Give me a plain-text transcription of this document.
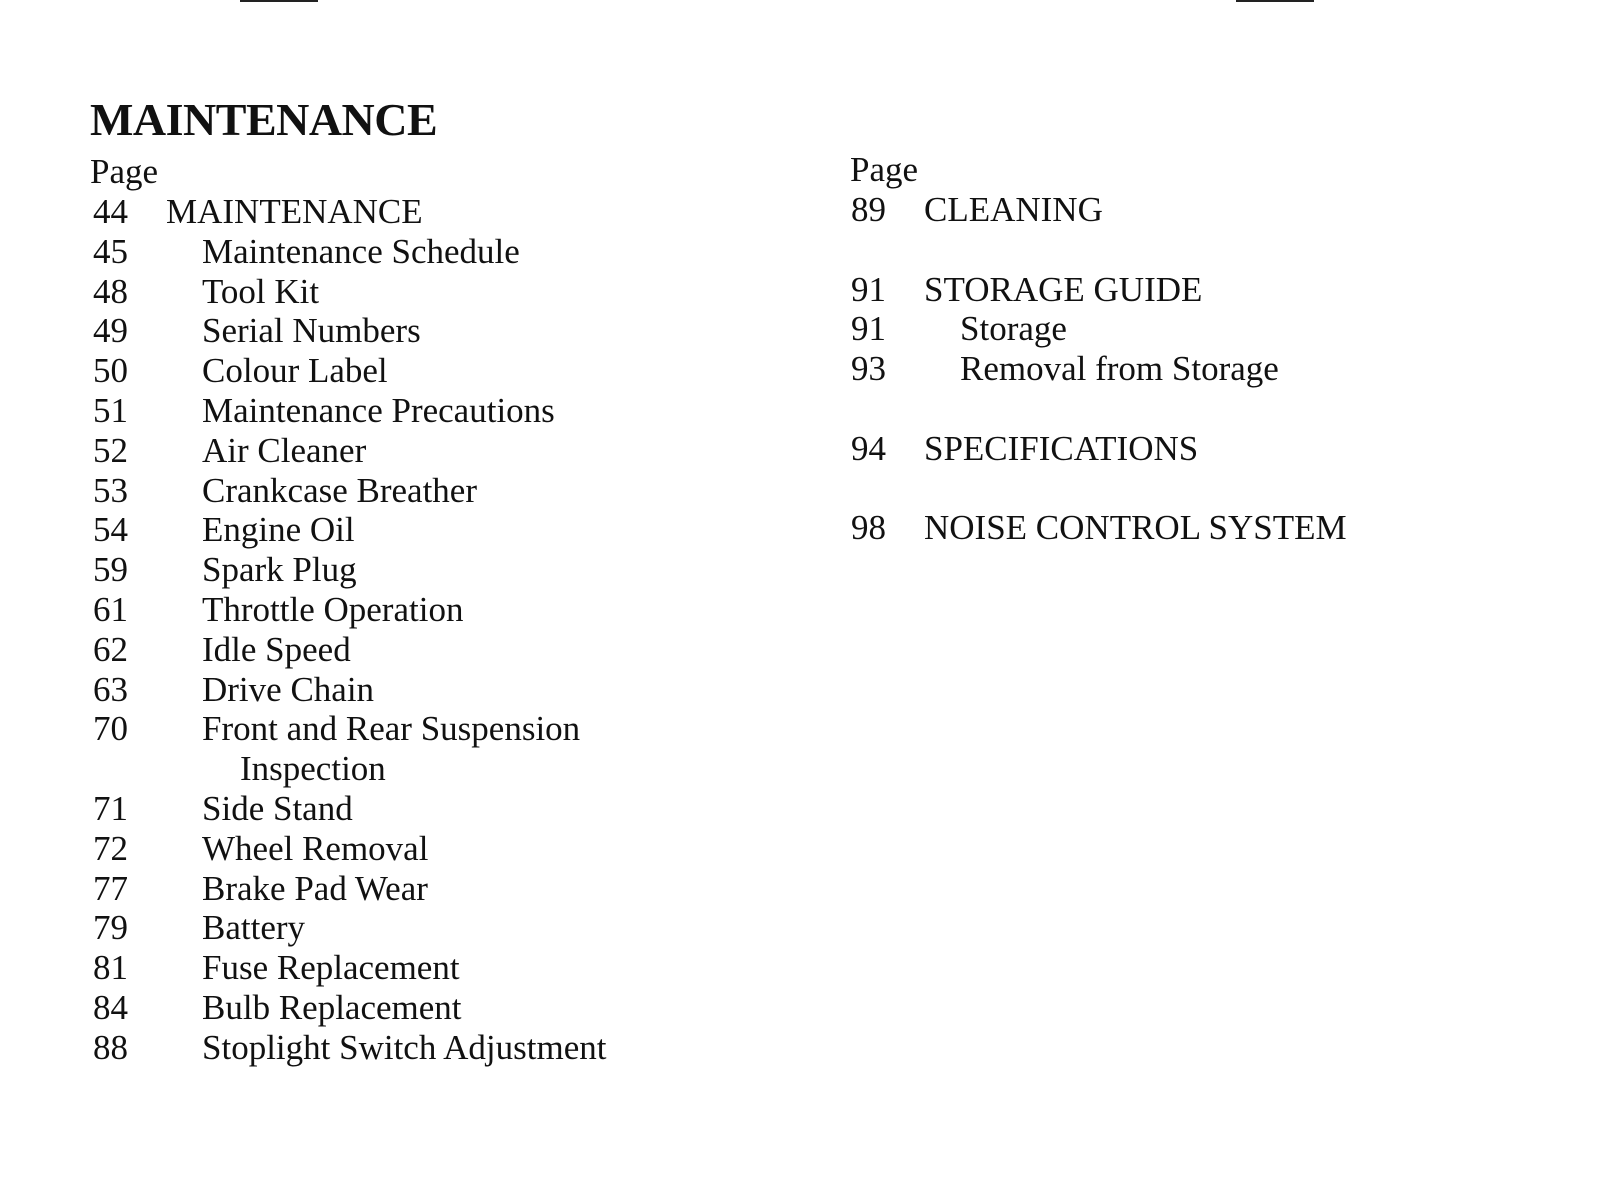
MAINTENANCE
Page
44 MAINTENANCE
45 Maintenance Schedule
48 Tool Kit
49 Serial Numbers
50 Colour Label
51 Maintenance Precautions
52 Air Cleaner
53 Crankcase Breather
54 Engine Oil
59 Spark Plug
61 Throttle Operation
62 Idle Speed
63 Drive Chain
70 Front and Rear Suspension
Inspection
71 Side Stand
72 Wheel Removal
77 Brake Pad Wear
79 Battery
81 Fuse Replacement
84 Bulb Replacement
88 Stoplight Switch Adjustment
Page
89 CLEANING
91 STORAGE GUIDE
91 Storage
93 Removal from Storage
94 SPECIFICATIONS
98 NOISE CONTROL SYSTEM
